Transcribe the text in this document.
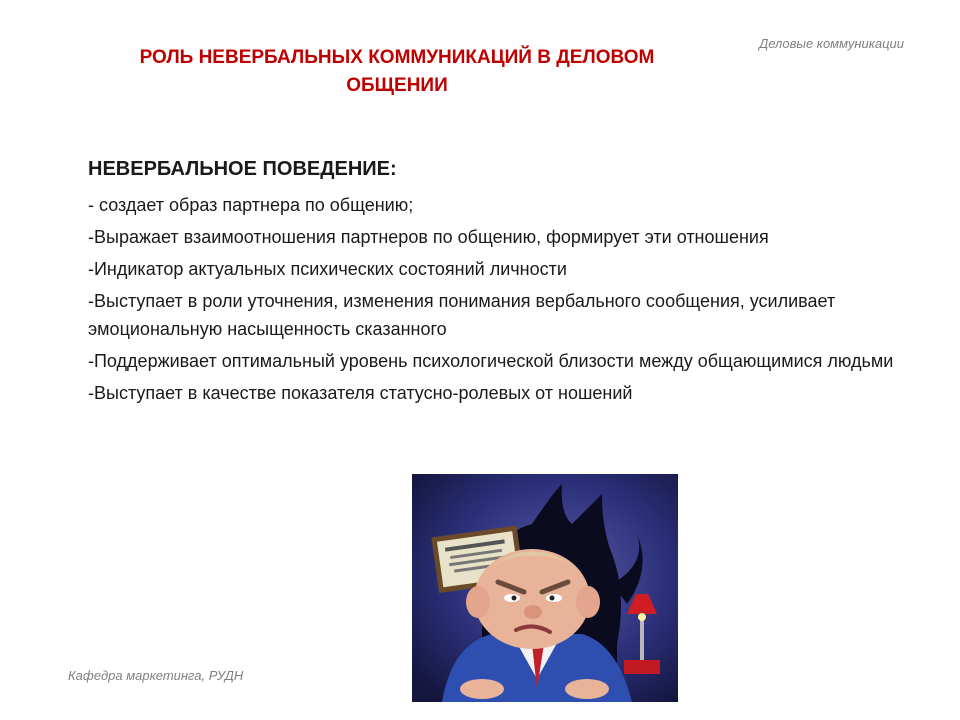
Деловые коммуникации
РОЛЬ НЕВЕРБАЛЬНЫХ КОММУНИКАЦИЙ В ДЕЛОВОМ ОБЩЕНИИ
НЕВЕРБАЛЬНОЕ ПОВЕДЕНИЕ:
- создает образ партнера по общению;
-Выражает взаимоотношения партнеров по общению, формирует эти отношения
-Индикатор актуальных психических состояний личности
-Выступает в роли уточнения, изменения понимания вербального сообщения, усиливает эмоциональную насыщенность сказанного
-Поддерживает оптимальный уровень психологической близости между общающимися людьми
-Выступает в качестве показателя статусно-ролевых от ношений
Кафедра маркетинга, РУДН
